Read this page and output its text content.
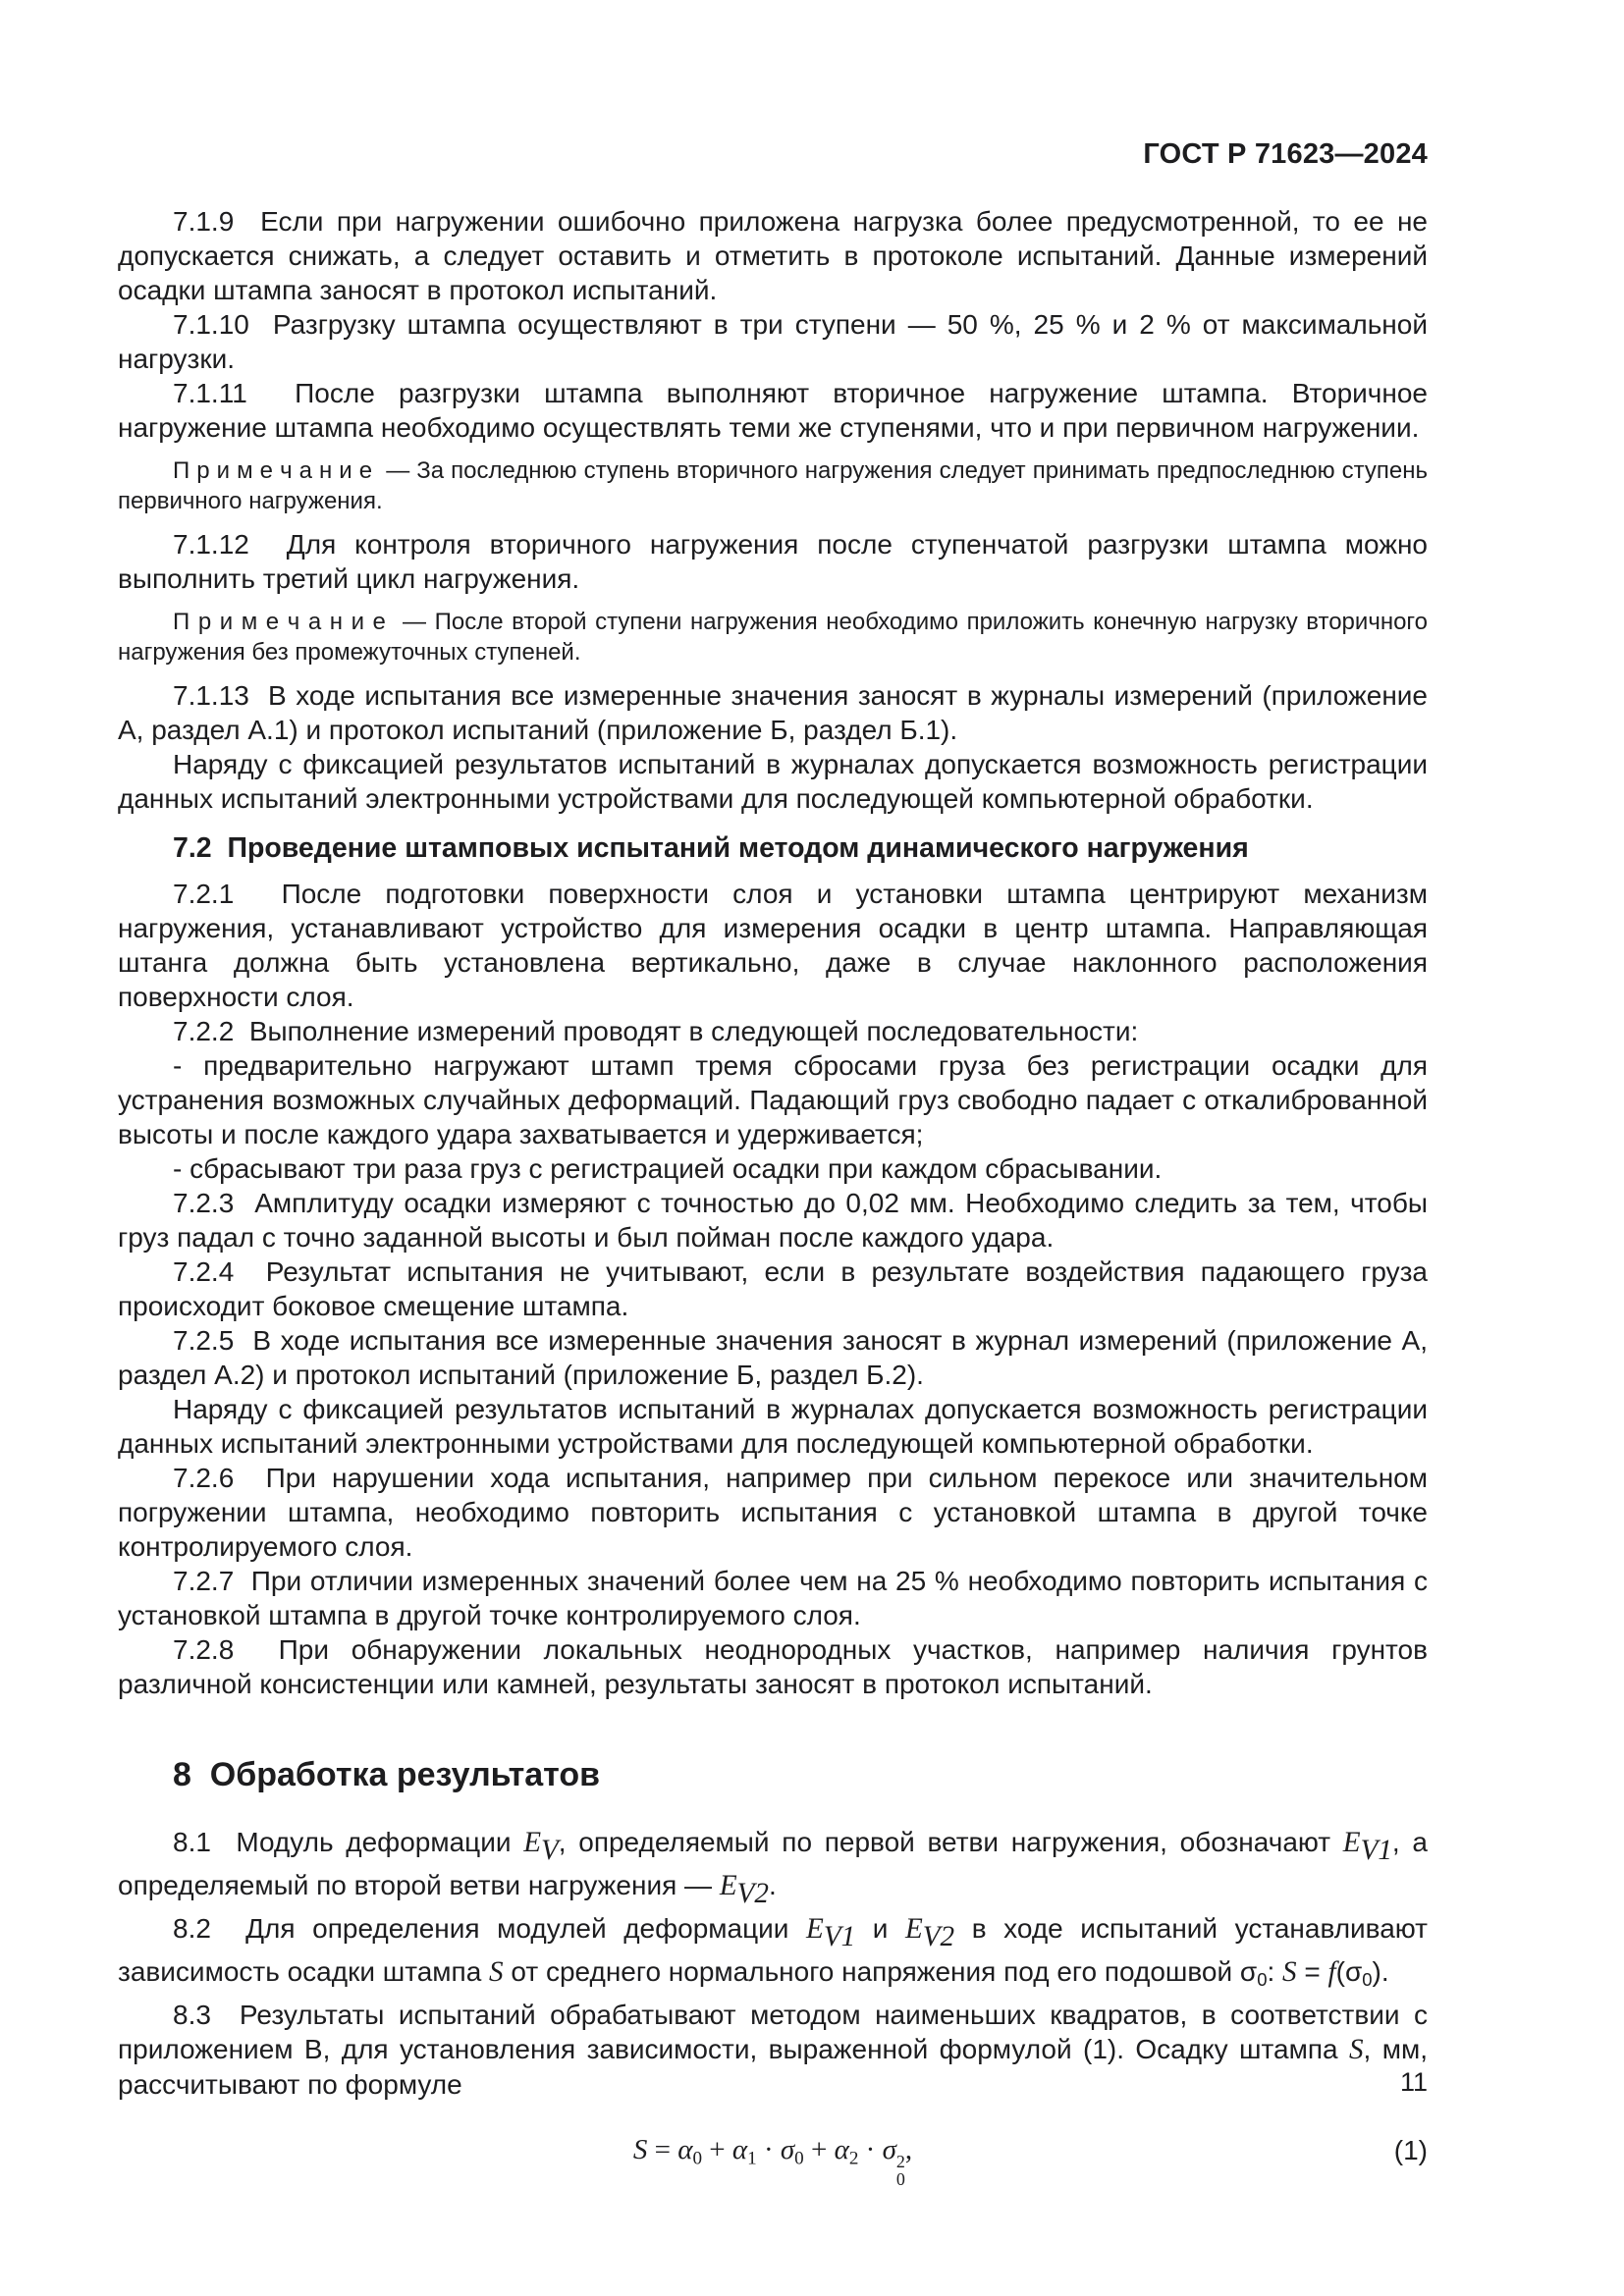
ГОСТ Р 71623—2024

7.1.9  Если при нагружении ошибочно приложена нагрузка более предусмотренной, то ее не допускается снижать, а следует оставить и отметить в протоколе испытаний. Данные измерений осадки штампа заносят в протокол испытаний.

7.1.10  Разгрузку штампа осуществляют в три ступени — 50 %, 25 % и 2 % от максимальной нагрузки.

7.1.11  После разгрузки штампа выполняют вторичное нагружение штампа. Вторичное нагружение штампа необходимо осуществлять теми же ступенями, что и при первичном нагружении.

П р и м е ч а н и е  — За последнюю ступень вторичного нагружения следует принимать предпоследнюю ступень первичного нагружения.

7.1.12  Для контроля вторичного нагружения после ступенчатой разгрузки штампа можно выполнить третий цикл нагружения.

П р и м е ч а н и е  — После второй ступени нагружения необходимо приложить конечную нагрузку вторичного нагружения без промежуточных ступеней.

7.1.13  В ходе испытания все измеренные значения заносят в журналы измерений (приложение А, раздел А.1) и протокол испытаний (приложение Б, раздел Б.1).

Наряду с фиксацией результатов испытаний в журналах допускается возможность регистрации данных испытаний электронными устройствами для последующей компьютерной обработки.

7.2  Проведение штамповых испытаний методом динамического нагружения

7.2.1  После подготовки поверхности слоя и установки штампа центрируют механизм нагружения, устанавливают устройство для измерения осадки в центр штампа. Направляющая штанга должна быть установлена вертикально, даже в случае наклонного расположения поверхности слоя.

7.2.2  Выполнение измерений проводят в следующей последовательности:

- предварительно нагружают штамп тремя сбросами груза без регистрации осадки для устранения возможных случайных деформаций. Падающий груз свободно падает с откалиброванной высоты и после каждого удара захватывается и удерживается;

- сбрасывают три раза груз с регистрацией осадки при каждом сбрасывании.

7.2.3  Амплитуду осадки измеряют с точностью до 0,02 мм. Необходимо следить за тем, чтобы груз падал с точно заданной высоты и был пойман после каждого удара.

7.2.4  Результат испытания не учитывают, если в результате воздействия падающего груза происходит боковое смещение штампа.

7.2.5  В ходе испытания все измеренные значения заносят в журнал измерений (приложение А, раздел А.2) и протокол испытаний (приложение Б, раздел Б.2).

Наряду с фиксацией результатов испытаний в журналах допускается возможность регистрации данных испытаний электронными устройствами для последующей компьютерной обработки.

7.2.6  При нарушении хода испытания, например при сильном перекосе или значительном погружении штампа, необходимо повторить испытания с установкой штампа в другой точке контролируемого слоя.

7.2.7  При отличии измеренных значений более чем на 25 % необходимо повторить испытания с установкой штампа в другой точке контролируемого слоя.

7.2.8  При обнаружении локальных неоднородных участков, например наличия грунтов различной консистенции или камней, результаты заносят в протокол испытаний.

8  Обработка результатов

8.1  Модуль деформации EV, определяемый по первой ветви нагружения, обозначают EV1, а определяемый по второй ветви нагружения — EV2.

8.2  Для определения модулей деформации EV1 и EV2 в ходе испытаний устанавливают зависимость осадки штампа S от среднего нормального напряжения под его подошвой $\sigma_0$: $S = f(\sigma_0)$.

8.3  Результаты испытаний обрабатывают методом наименьших квадратов, в соответствии с приложением В, для установления зависимости, выраженной формулой (1). Осадку штампа S, мм, рассчитывают по формуле

$S = \alpha_0 + \alpha_1 \cdot \sigma_0 + \alpha_2 \cdot \sigma$ 2
0
,	(1)
11
